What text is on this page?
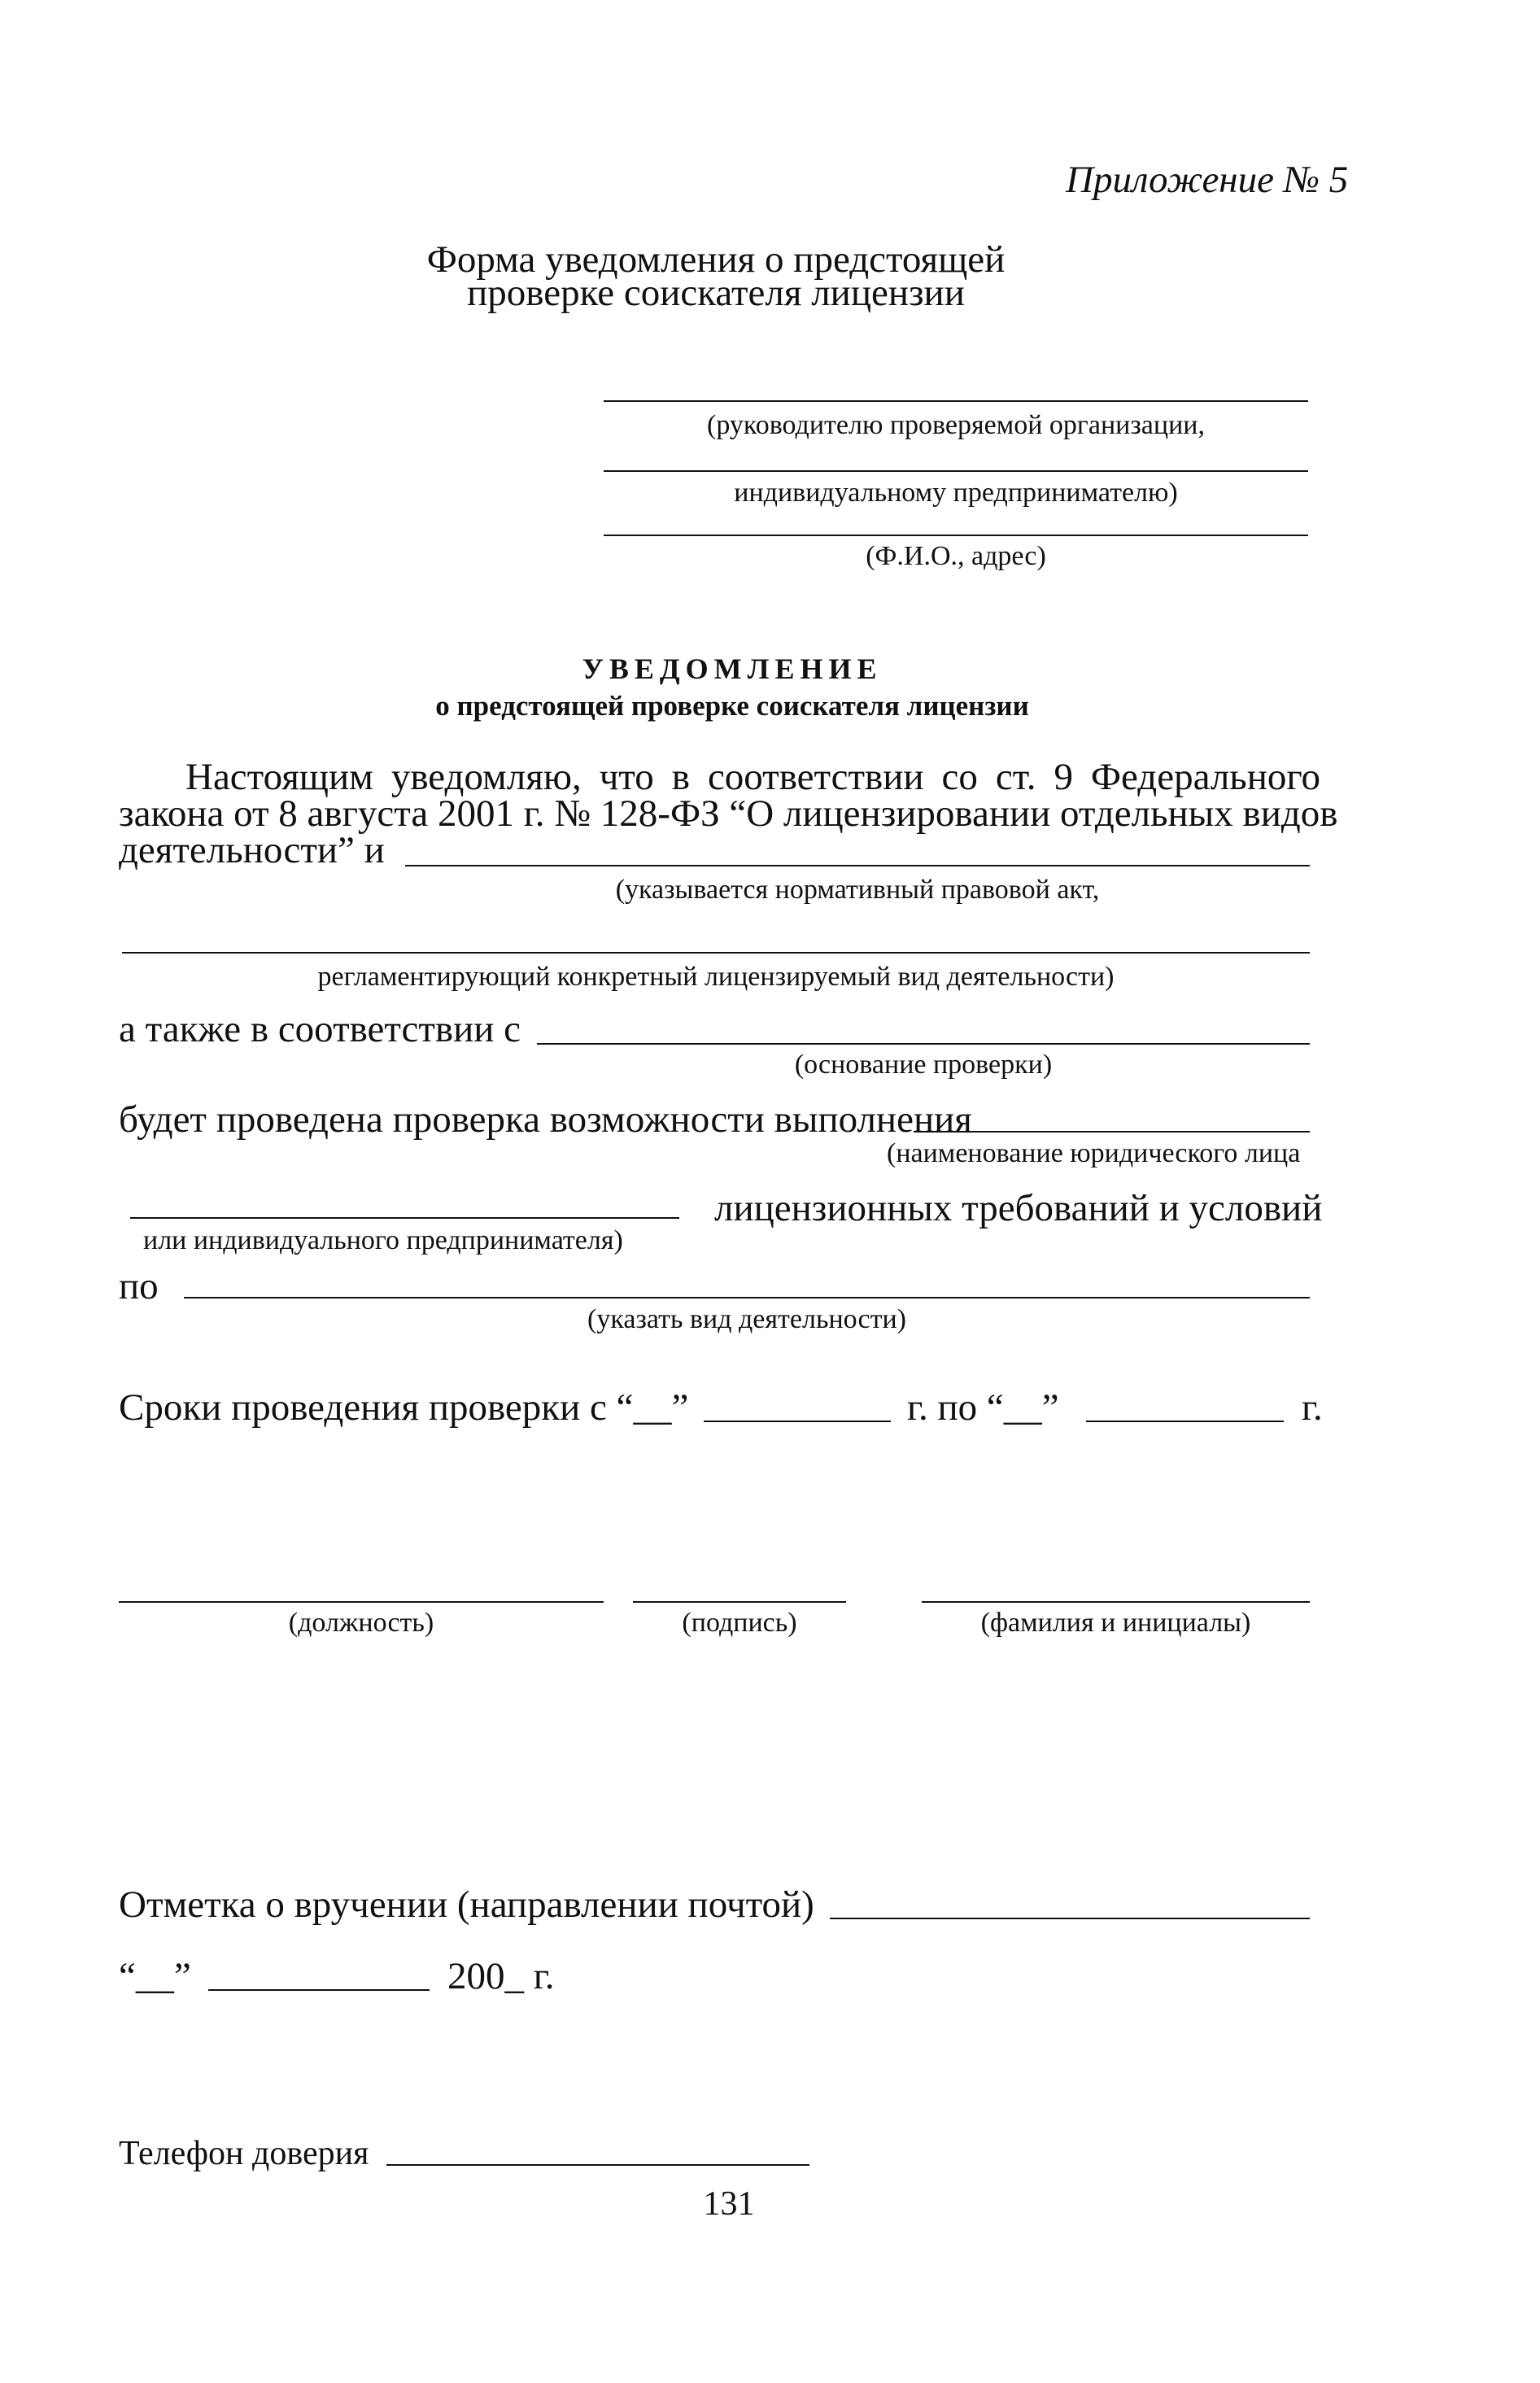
Приложение № 5
Форма уведомления о предстоящей
проверке соискателя лицензии
(руководителю проверяемой организации,
индивидуальному предпринимателю)
(Ф.И.О., адрес)
УВЕДОМЛЕНИЕ
о предстоящей проверке соискателя лицензии
Настоящим уведомляю, что в соответствии со ст. 9 Федерального
закона от 8 августа 2001 г. № 128-ФЗ “О лицензировании отдельных видов
деятельности” и
(указывается нормативный правовой акт,
регламентирующий конкретный лицензируемый вид деятельности)
а также в соответствии с
(основание проверки)
будет проведена проверка возможности выполнения
(наименование юридического лица
лицензионных требований и условий
или индивидуального предпринимателя)
по
(указать вид деятельности)
Сроки проведения проверки с “__”	г. по “__”	г.
(должность)	(подпись)	(фамилия и инициалы)
Отметка о вручении (направлении почтой)
“__”	200_ г.
Телефон доверия
131
